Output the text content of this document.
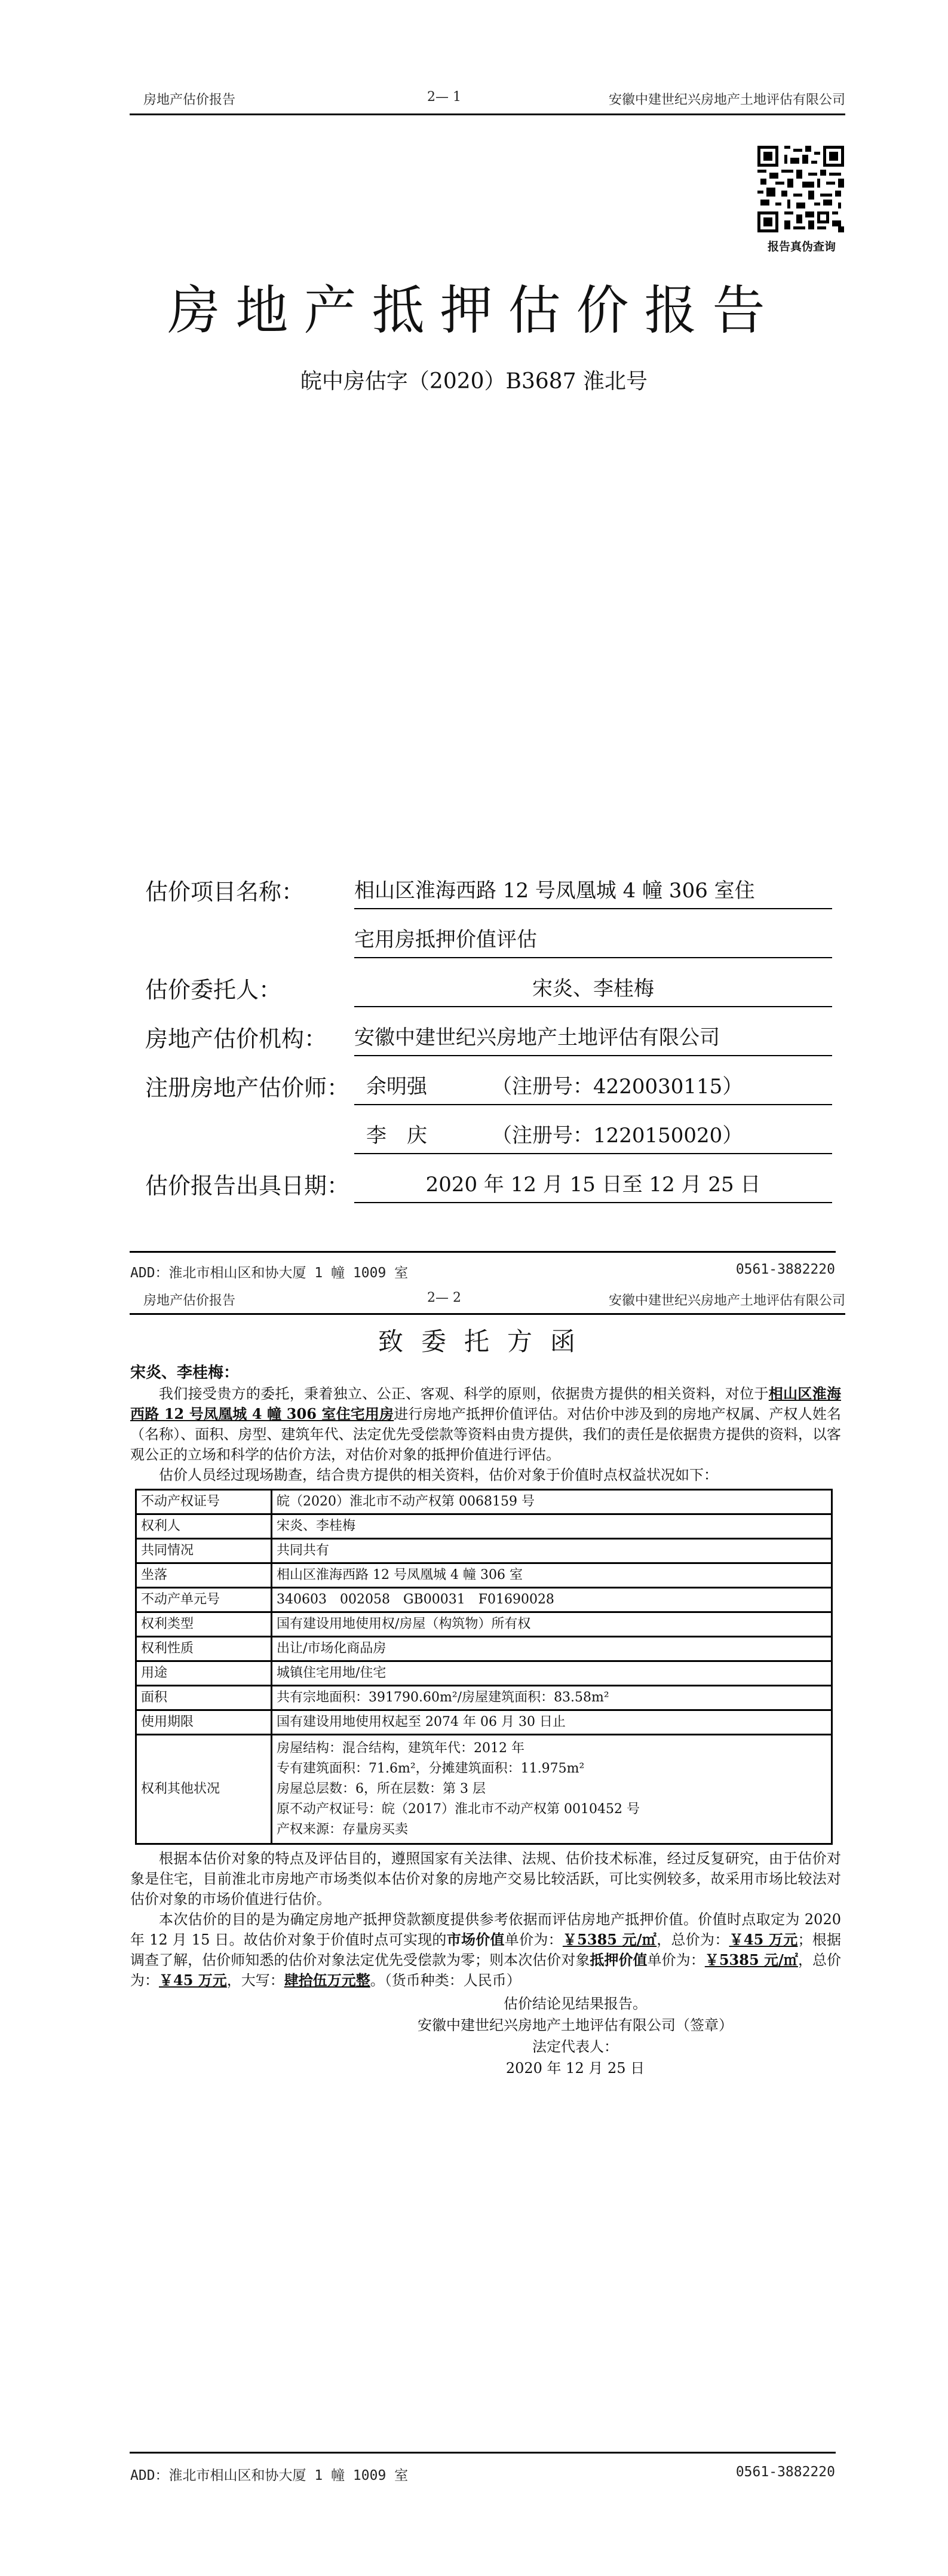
房地产估价报告	2— 1	安徽中建世纪兴房地产土地评估有限公司
报告真伪查询
房地产抵押估价报告
皖中房估字（2020）B3687 淮北号
估价项目名称：	相山区淮海西路 12 号凤凰城 4 幢 306 室住
宅用房抵押价值评估
估价委托人：	宋炎、李桂梅
房地产估价机构：	安徽中建世纪兴房地产土地评估有限公司
注册房地产估价师： 余明强	（注册号：4220030115）
李　庆	（注册号：1220150020）
估价报告出具日期：	2020 年 12 月 15 日至 12 月 25 日
ADD：淮北市相山区和协大厦 1 幢 1009 室	0561-3882220
房地产估价报告	2— 2	安徽中建世纪兴房地产土地评估有限公司
致委托方函
宋炎、李桂梅：

我们接受贵方的委托，秉着独立、公正、客观、科学的原则，依据贵方提供的相关资料，对位于相山区淮海西路 12 号凤凰城 4 幢 306 室住宅用房进行房地产抵押价值评估。对估价中涉及到的房地产权属、产权人姓名（名称）、面积、房型、建筑年代、法定优先受偿款等资料由贵方提供，我们的责任是依据贵方提供的资料，以客观公正的立场和科学的估价方法，对估价对象的抵押价值进行评估。

估价人员经过现场勘查，结合贵方提供的相关资料，估价对象于价值时点权益状况如下：

不动产权证号	皖（2020）淮北市不动产权第 0068159 号
权利人	宋炎、李桂梅
共同情况	共同共有
坐落	相山区淮海西路 12 号凤凰城 4 幢 306 室
不动产单元号	340603　002058　GB00031　F01690028
权利类型	国有建设用地使用权/房屋（构筑物）所有权
权利性质	出让/市场化商品房
用途	城镇住宅用地/住宅
面积	共有宗地面积：391790.60m²/房屋建筑面积：83.58m²
使用期限	国有建设用地使用权起至 2074 年 06 月 30 日止
权利其他状况	房屋结构：混合结构，建筑年代：2012 年
专有建筑面积：71.6m²，分摊建筑面积：11.975m²
房屋总层数：6，所在层数：第 3 层
原不动产权证号：皖（2017）淮北市不动产权第 0010452 号
产权来源：存量房买卖

根据本估价对象的特点及评估目的，遵照国家有关法律、法规、估价技术标准，经过反复研究，由于估价对象是住宅，目前淮北市房地产市场类似本估价对象的房地产交易比较活跃，可比实例较多，故采用市场比较法对估价对象的市场价值进行估价。

本次估价的目的是为确定房地产抵押贷款额度提供参考依据而评估房地产抵押价值。价值时点取定为 2020 年 12 月 15 日。故估价对象于价值时点可实现的市场价值单价为：￥5385 元/㎡，总价为：￥45 万元；根据调查了解，估价师知悉的估价对象法定优先受偿款为零；则本次估价对象抵押价值单价为：￥5385 元/㎡，总价为：￥45 万元，大写：肆拾伍万元整。（货币种类：人民币）

估价结论见结果报告。
安徽中建世纪兴房地产土地评估有限公司（签章）
法定代表人：
2020 年 12 月 25 日
ADD：淮北市相山区和协大厦 1 幢 1009 室	0561-3882220
